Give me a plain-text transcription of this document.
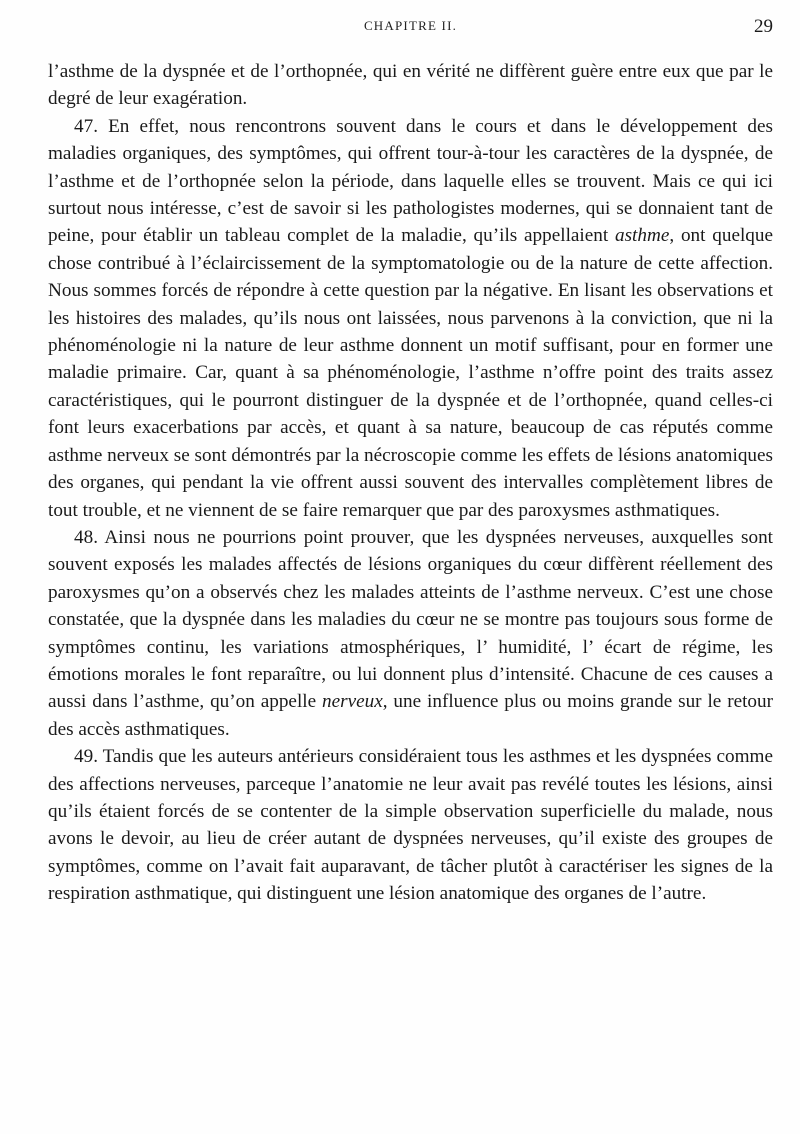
CHAPITRE II.	29

l’asthme de la dyspnée et de l’orthopnée, qui en vérité ne diffèrent guère entre eux que par le degré de leur exagération.

47. En effet, nous rencontrons souvent dans le cours et dans le développement des maladies organiques, des symptômes, qui offrent tour-à-tour les caractères de la dyspnée, de l’asthme et de l’orthopnée selon la période, dans laquelle elles se trouvent. Mais ce qui ici surtout nous intéresse, c’est de savoir si les pathologistes modernes, qui se donnaient tant de peine, pour établir un tableau complet de la maladie, qu’ils appellaient asthme, ont quelque chose contribué à l’éclaircissement de la symptomatologie ou de la nature de cette affection. Nous sommes forcés de répondre à cette question par la négative. En lisant les observations et les histoires des malades, qu’ils nous ont laissées, nous parvenons à la conviction, que ni la phénoménologie ni la nature de leur asthme donnent un motif suffisant, pour en former une maladie primaire. Car, quant à sa phénoménologie, l’asthme n’offre point des traits assez caractéristiques, qui le pourront distinguer de la dyspnée et de l’orthopnée, quand celles-ci font leurs exacerbations par accès, et quant à sa nature, beaucoup de cas réputés comme asthme nerveux se sont démontrés par la nécroscopie comme les effets de lésions anatomiques des organes, qui pendant la vie offrent aussi souvent des intervalles complètement libres de tout trouble, et ne viennent de se faire remarquer que par des paroxysmes asthmatiques.

48. Ainsi nous ne pourrions point prouver, que les dyspnées nerveuses, auxquelles sont souvent exposés les malades affectés de lésions organiques du cœur diffèrent réellement des paroxysmes qu’on a observés chez les malades atteints de l’asthme nerveux. C’est une chose constatée, que la dyspnée dans les maladies du cœur ne se montre pas toujours sous forme de symptômes continu, les variations atmosphériques, l’ humidité, l’ écart de régime, les émotions morales le font reparaître, ou lui donnent plus d’intensité. Chacune de ces causes a aussi dans l’asthme, qu’on appelle nerveux, une influence plus ou moins grande sur le retour des accès asthmatiques.

49. Tandis que les auteurs antérieurs considéraient tous les asthmes et les dyspnées comme des affections nerveuses, parceque l’anatomie ne leur avait pas revélé toutes les lésions, ainsi qu’ils étaient forcés de se contenter de la simple observation superficielle du malade, nous avons le devoir, au lieu de créer autant de dyspnées nerveuses, qu’il existe des groupes de symptômes, comme on l’avait fait auparavant, de tâcher plutôt à caractériser les signes de la respiration asthmatique, qui distinguent une lésion anatomique des organes de l’autre.
